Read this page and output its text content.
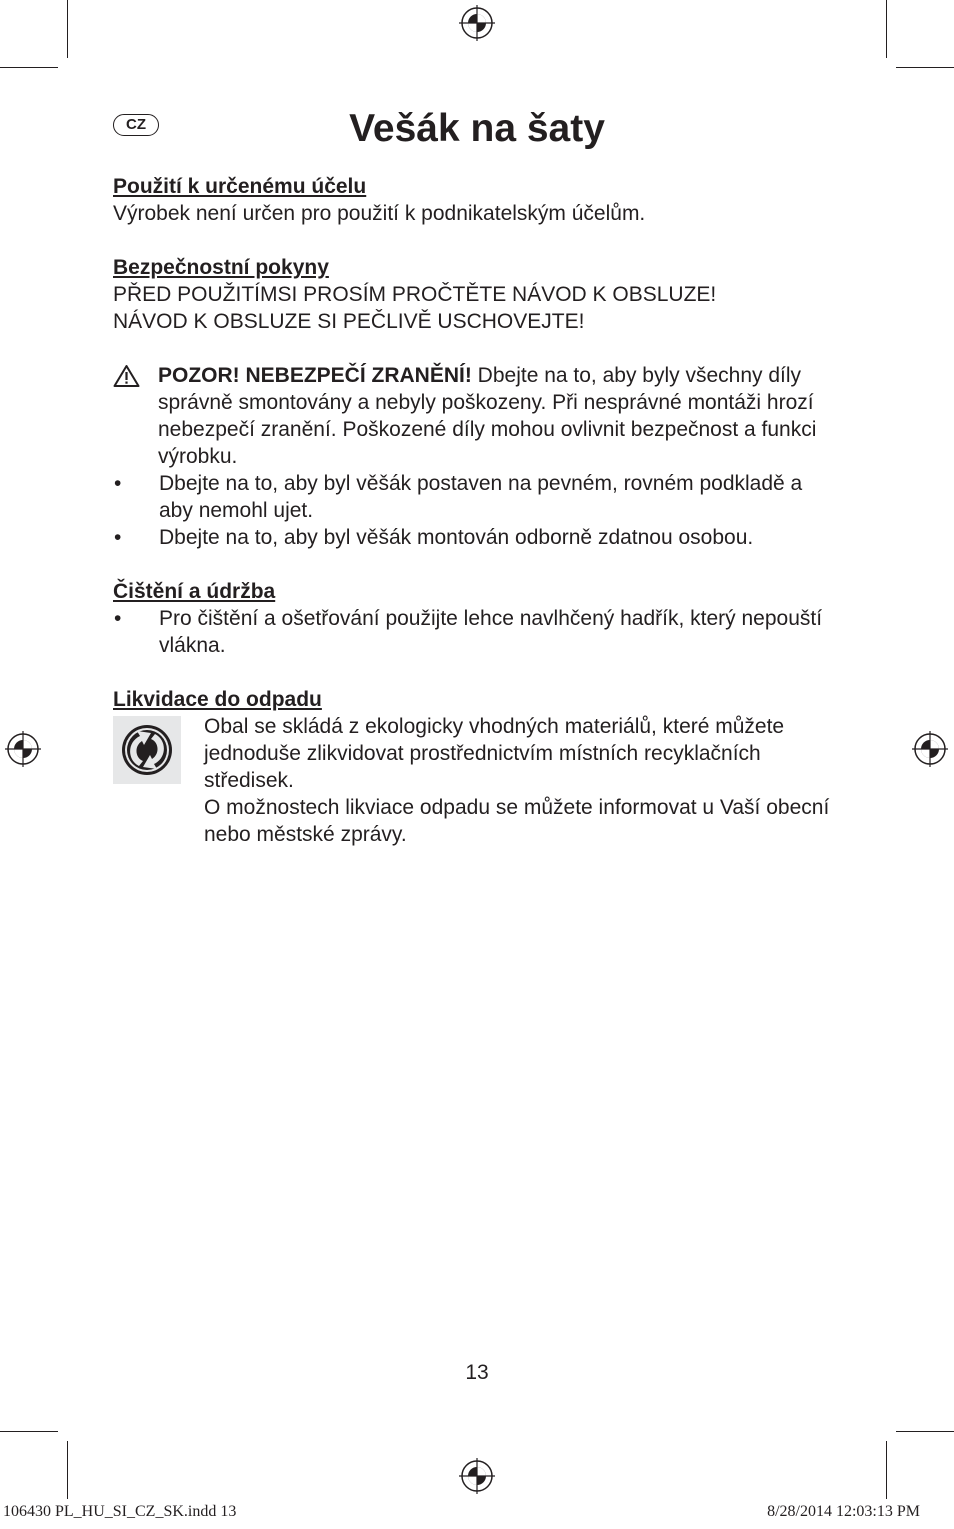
CZ	Vešák na šaty

Použití k určenému účelu

Výrobek není určen pro použití k podnikatelským účelům.

Bezpečnostní pokyny

PŘED POUŽITÍMSI PROSÍM PROČTĚTE NÁVOD K OBSLUZE!

NÁVOD K OBSLUZE SI PEČLIVĚ USCHOVEJTE!

POZOR! NEBEZPEČÍ ZRANĚNÍ! Dbejte na to, aby byly všechny díly správně smontovány a nebyly poškozeny. Při nesprávné montáži hrozí nebezpečí zranění. Poškozené díly mohou ovlivnit bezpečnost a funkci výrobku.
•	Dbejte na to, aby byl věšák postaven na pevném, rovném podkladě a aby nemohl ujet.
•	Dbejte na to, aby byl věšák montován odborně zdatnou osobou.

Čištění a údržba

•	Pro čištění a ošetřování použijte lehce navlhčený hadřík, který nepouští vlákna.

Likvidace do odpadu

Obal se skládá z ekologicky vhodných materiálů, které můžete jednoduše zlikvidovat prostřednictvím místních recyklačních středisek.

O možnostech likviace odpadu se můžete informovat u Vaší obecní nebo městské zprávy.

13
106430 PL_HU_SI_CZ_SK.indd 13	8/28/2014 12:03:13 PM
